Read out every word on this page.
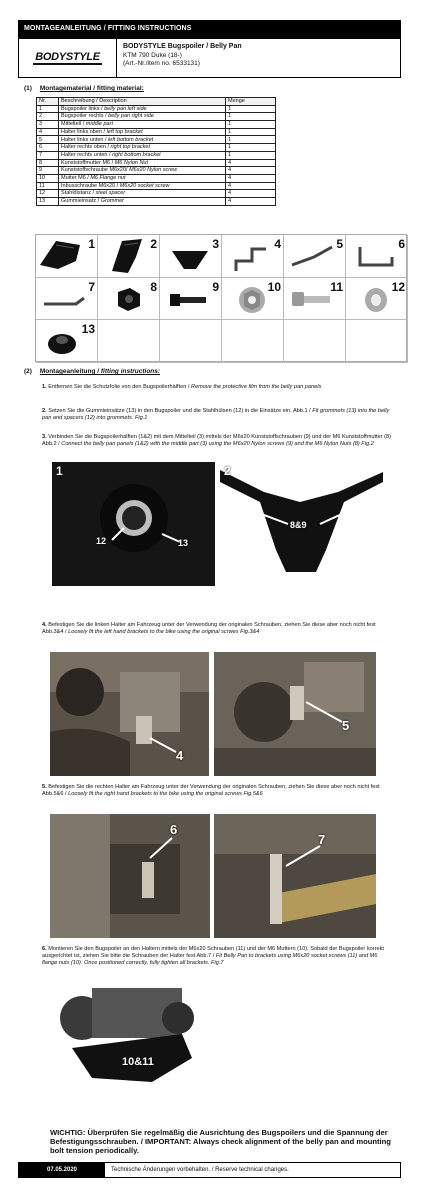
MONTAGEANLEITUNG / FITTING INSTRUCTIONS
BODYSTYLE
BODYSTYLE Bugspoiler / Belly Pan
KTM 790 Duke (18-)
(Art.-Nr./item no. 6533131)
(1) Montagematerial / fitting material:
Nr.	Beschreibung / Description	Menge
1	Bugspoiler links / belly pan left side	1
2	Bugspoiler rechts / belly pan right side	1
3	Mittelteil / middle part	1
4	Halter links oben / left top bracket	1
5	Halter links unten / left bottom bracket	1
6	Halter rechts oben / right top bracket	1
7	Halter rechts unten / right bottom bracket	1
8	Kunststoffmutter M6 / M6 Nylon Nut	4
9	Kunststoffschraube M6x20/ M6x20 Nylon screw	4
10	Mutter M6 / M6 Flange nut	4
11	Inbusschraube M6x20 / M6x20 socket screw	4
12	Stahldistanz / steel spacer	4
13	Gummieinsatz / Grommet	4
1	2	3	4	5	6
7	8	9	10	11	12
13
(2) Montageanleitung / fitting instructions:
1. Entfernen Sie die Schutzfolie von den Bugspoilerhälften / Remove the protective film from the belly pan panels
2. Setzen Sie die Gummieinsätze (13) in den Bugspoiler und die Stahlhülsen (12) in die Einsätze ein. Abb.1 / Fit grommets (13) into the belly pan and spacers (12) into grommets. Fig.1
3. Verbinden Sie die Bugspoilerhälften (1&2) mit dem Mittelteil (3) mittels der M6x20 Kunststoffschrauben (9) und der M6 Kunststoffmutter (8) Abb.2 / Connect the belly pan panels (1&2) with the middle part (3) using the M6x20 Nylon screws (9) and the M6 Nylon Nuts (8) Fig.2
1
12	13
2
8&9
4. Befestigen Sie die linken Halter am Fahrzeug unter der Verwendung der originalen Schrauben, ziehen Sie diese aber noch nicht fest Abb.3&4 / Loosely fit the left hand brackets to the bike using the original scrwes Fig.3&4
4
5
5. Befestigen Sie die rechten Halter am Fahrzeug unter der Verwendung der originalen Schrauben, ziehen Sie diese aber noch nicht fest Abb.5&6 / Loosely fit the right hand brackets to the bike using the original screws Fig.5&6
6
7
6. Montieren Sie den Bugspoiler an den Haltern mittels der M6x20 Schrauben (11) und der M6 Muttern (10). Sobald der Bugspoiler korrekt ausgerichtet ist, ziehen Sie bitte die Schrauben der Halter fest Abb.7 / Fit Belly Pan to brackets using M6x20 socket screws (11) and M6 flange nuts (10). Once positioned correctly, fully tighten all brackets. Fig.7
10&11
WICHTIG: Überprüfen Sie regelmäßig die Ausrichtung des Bugspoilers und die Spannung der Befestigungsschrauben. / IMPORTANT: Always check alignment of the belly pan and mounting bolt tension periodically.
07.05.2020	Technische Änderungen vorbehalten. / Reserve technical changes.
